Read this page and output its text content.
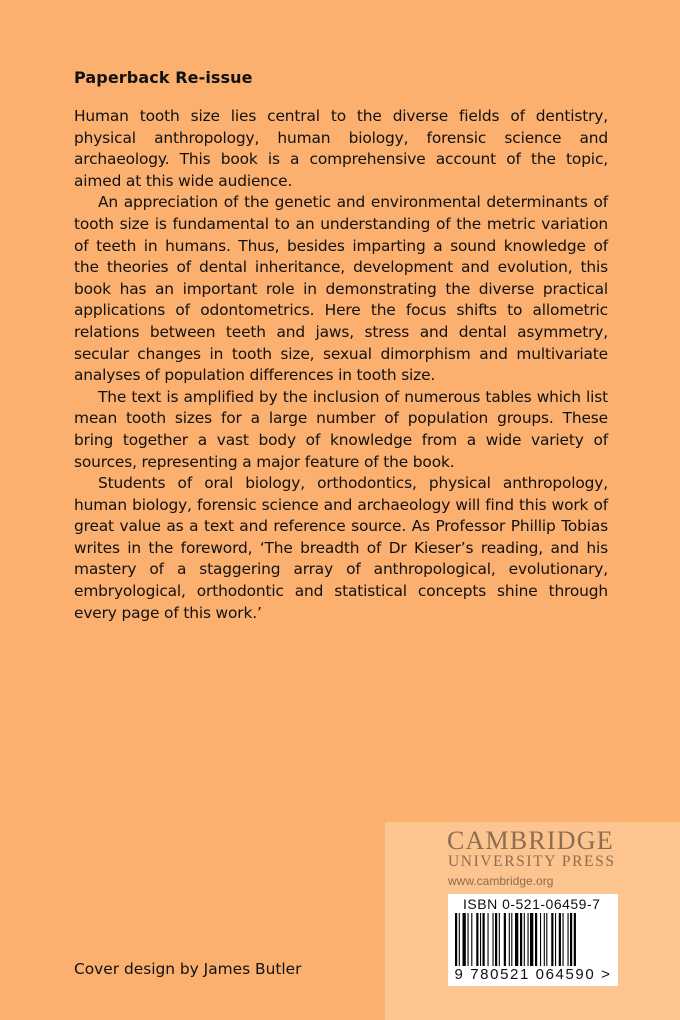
Paperback Re-issue

Human tooth size lies central to the diverse fields of dentistry, physical anthropology, human biology, forensic science and archaeology. This book is a comprehensive account of the topic, aimed at this wide audience.

An appreciation of the genetic and environmental determinants of tooth size is fundamental to an understanding of the metric variation of teeth in humans. Thus, besides imparting a sound knowledge of the theories of dental inheritance, development and evolution, this book has an important role in demonstrating the diverse practical applications of odontometrics. Here the focus shifts to allometric relations between teeth and jaws, stress and dental asymmetry, secular changes in tooth size, sexual dimorphism and multivariate analyses of population differences in tooth size.

The text is amplified by the inclusion of numerous tables which list mean tooth sizes for a large number of population groups. These bring together a vast body of knowledge from a wide variety of sources, representing a major feature of the book.

Students of oral biology, orthodontics, physical anthropology, human biology, forensic science and archaeology will find this work of great value as a text and reference source. As Professor Phillip Tobias writes in the foreword, ‘The breadth of Dr Kieser’s reading, and his mastery of a staggering array of anthropological, evolutionary, embryological, orthodontic and statistical concepts shine through every page of this work.’

Cover design by James Butler
CAMBRIDGE
UNIVERSITY PRESS
www.cambridge.org
ISBN 0-521-06459-7
9 780521 064590 >
